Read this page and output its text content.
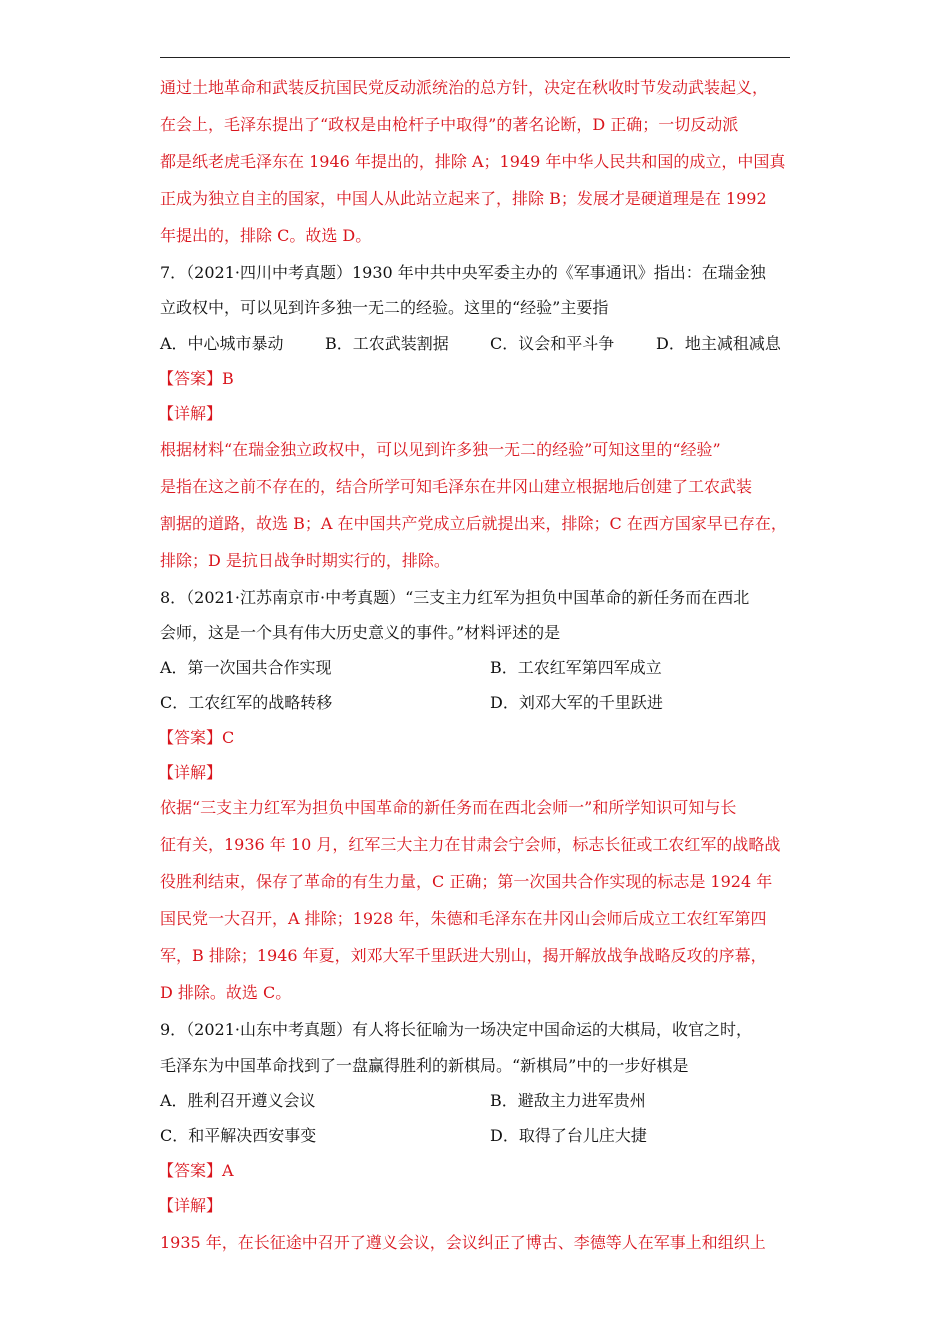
通过土地革命和武装反抗国民党反动派统治的总方针，决定在秋收时节发动武装起义，
在会上，毛泽东提出了“政权是由枪杆子中取得”的著名论断，D 正确；一切反动派
都是纸老虎毛泽东在 1946 年提出的，排除 A；1949 年中华人民共和国的成立，中国真
正成为独立自主的国家，中国人从此站立起来了，排除 B；发展才是硬道理是在 1992
年提出的，排除 C。故选 D。
7．（2021·四川中考真题）1930 年中共中央军委主办的《军事通讯》指出：在瑞金独
立政权中，可以见到许多独一无二的经验。这里的“经验”主要指
A．中心城市暴动	B．工农武装割据	C．议会和平斗争	D．地主减租减息
【答案】B
【详解】
根据材料“在瑞金独立政权中，可以见到许多独一无二的经验”可知这里的“经验”
是指在这之前不存在的，结合所学可知毛泽东在井冈山建立根据地后创建了工农武装
割据的道路，故选 B；A 在中国共产党成立后就提出来，排除；C 在西方国家早已存在，
排除；D 是抗日战争时期实行的，排除。
8．（2021·江苏南京市·中考真题）“三支主力红军为担负中国革命的新任务而在西北
会师，这是一个具有伟大历史意义的事件。”材料评述的是
A．第一次国共合作实现	B．工农红军第四军成立
C．工农红军的战略转移	D．刘邓大军的千里跃进
【答案】C
【详解】
依据“三支主力红军为担负中国革命的新任务而在西北会师一”和所学知识可知与长
征有关，1936 年 10 月，红军三大主力在甘肃会宁会师，标志长征或工农红军的战略战
役胜利结束，保存了革命的有生力量，C 正确；第一次国共合作实现的标志是 1924 年
国民党一大召开，A 排除；1928 年，朱德和毛泽东在井冈山会师后成立工农红军第四
军，B 排除；1946 年夏，刘邓大军千里跃进大别山，揭开解放战争战略反攻的序幕，
D 排除。故选 C。
9．（2021·山东中考真题）有人将长征喻为一场决定中国命运的大棋局，收官之时，
毛泽东为中国革命找到了一盘赢得胜利的新棋局。“新棋局”中的一步好棋是
A．胜利召开遵义会议	B．避敌主力进军贵州
C．和平解决西安事变	D．取得了台儿庄大捷
【答案】A
【详解】
1935 年，在长征途中召开了遵义会议，会议纠正了博古、李德等人在军事上和组织上
